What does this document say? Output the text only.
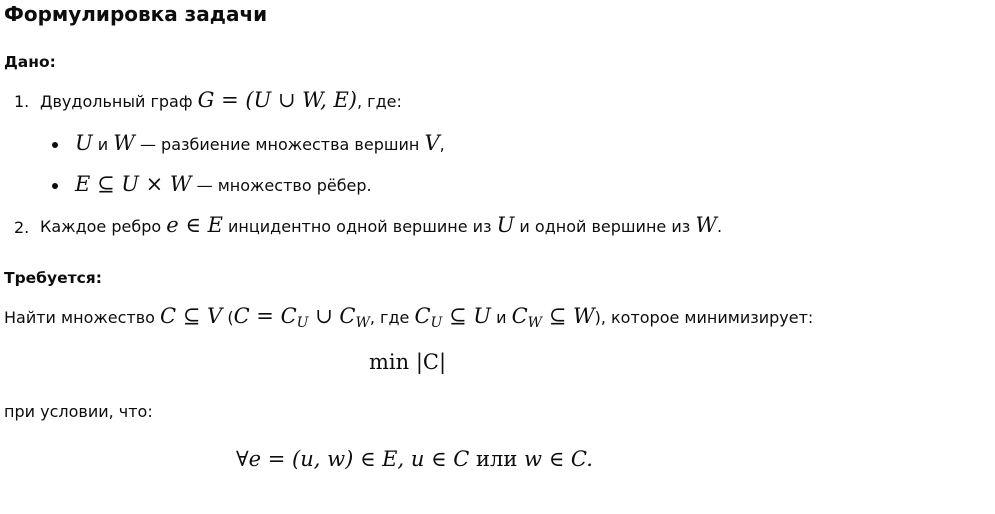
Формулировка задачи
Дано:
1. Двудольный граф G = (U ∪ W, E), где:
U и W — разбиение множества вершин V,
E ⊆ U × W — множество рёбер.
2. Каждое ребро e ∈ E инцидентно одной вершине из U и одной вершине из W.
Требуется:
Найти множество C ⊆ V ($C = C_U$ ∪ $C_W$, где $C_U$ ⊆ U и $C_W$ ⊆ W), которое минимизирует:
min |C|
при условии, что:
∀e = (u, w) ∈ E, u ∈ C или w ∈ C.
